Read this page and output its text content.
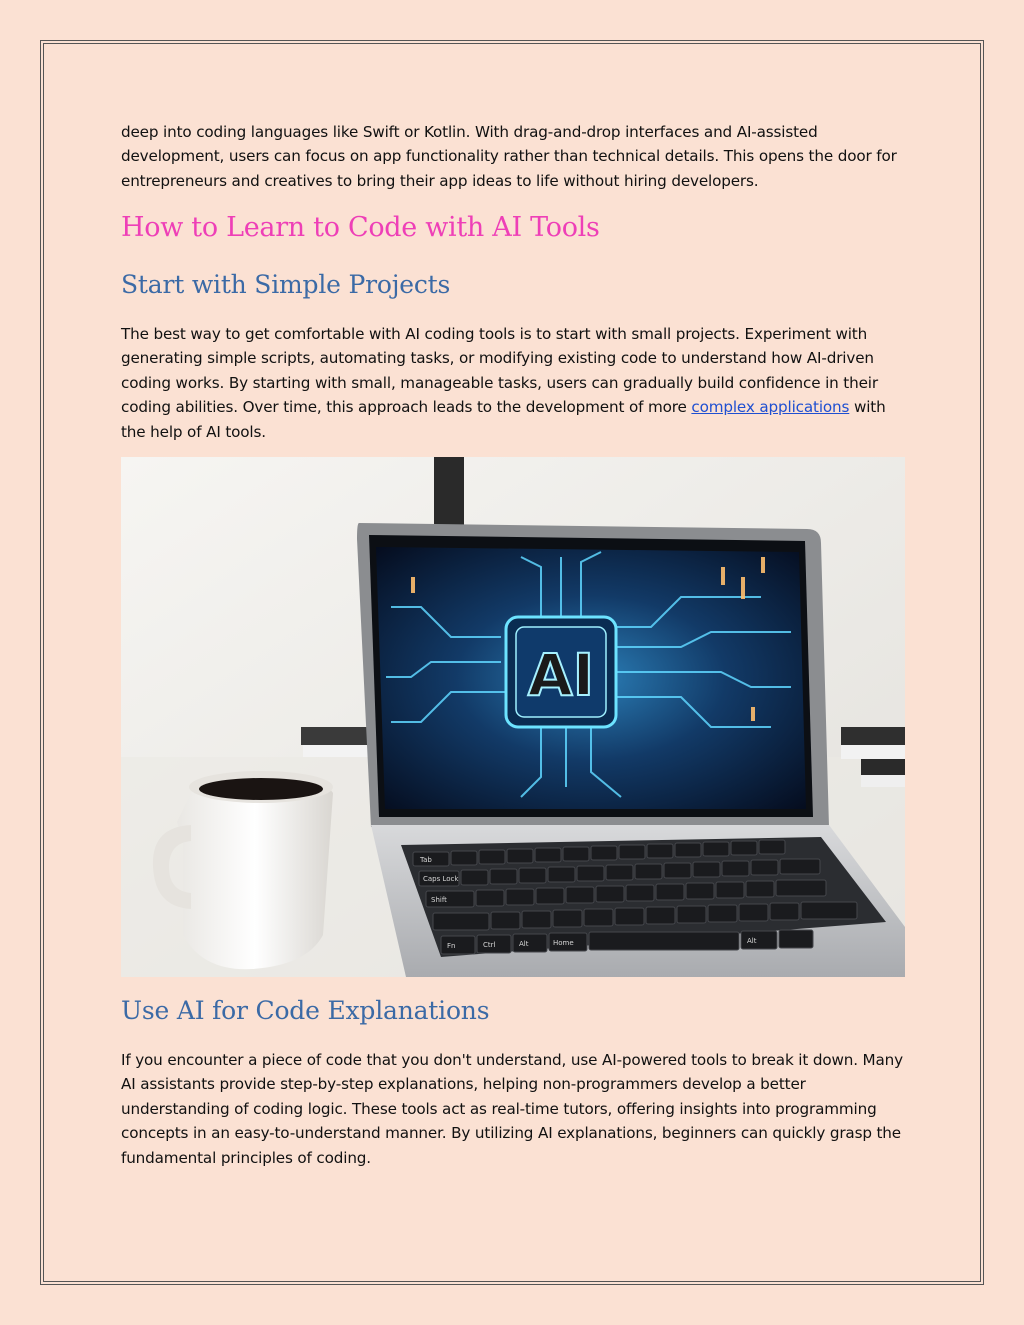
deep into coding languages like Swift or Kotlin. With drag-and-drop interfaces and AI-assisted development, users can focus on app functionality rather than technical details. This opens the door for entrepreneurs and creatives to bring their app ideas to life without hiring developers.

How to Learn to Code with AI Tools
Start with Simple Projects

The best way to get comfortable with AI coding tools is to start with small projects. Experiment with generating simple scripts, automating tasks, or modifying existing code to understand how AI-driven coding works. By starting with small, manageable tasks, users can gradually build confidence in their coding abilities. Over time, this approach leads to the development of more complex applications with the help of AI tools.

AI
Tab
Caps Lock
Shift
Fn	Ctrl	Home
Alt	Alt
Use AI for Code Explanations

If you encounter a piece of code that you don't understand, use AI-powered tools to break it down. Many AI assistants provide step-by-step explanations, helping non-programmers develop a better understanding of coding logic. These tools act as real-time tutors, offering insights into programming concepts in an easy-to-understand manner. By utilizing AI explanations, beginners can quickly grasp the fundamental principles of coding.
